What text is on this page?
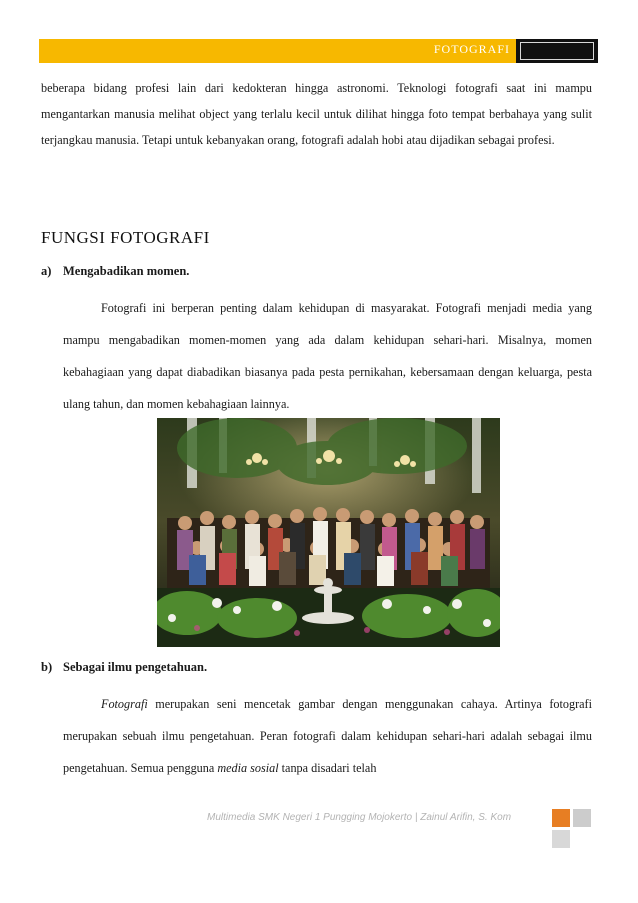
FOTOGRAFI
beberapa bidang profesi lain dari kedokteran hingga astronomi. Teknologi fotografi saat ini mampu mengantarkan manusia melihat object yang terlalu kecil untuk dilihat hingga foto tempat berbahaya yang sulit terjangkau manusia. Tetapi untuk kebanyakan orang, fotografi adalah hobi atau dijadikan sebagai profesi.
FUNGSI FOTOGRAFI
a) Mengabadikan momen.
Fotografi ini berperan penting dalam kehidupan di masyarakat. Fotografi menjadi media yang mampu mengabadikan momen-momen yang ada dalam kehidupan sehari-hari. Misalnya, momen kebahagiaan yang dapat diabadikan biasanya pada pesta pernikahan, kebersamaan dengan keluarga, pesta ulang tahun, dan momen kebahagiaan lainnya.
b) Sebagai ilmu pengetahuan.
Fotografi merupakan seni mencetak gambar dengan menggunakan cahaya. Artinya fotografi merupakan sebuah ilmu pengetahuan. Peran fotografi dalam kehidupan sehari-hari adalah sebagai ilmu pengetahuan. Semua pengguna media sosial tanpa disadari telah
Multimedia SMK Negeri 1 Pungging Mojokerto | Zainul Arifin, S. Kom
